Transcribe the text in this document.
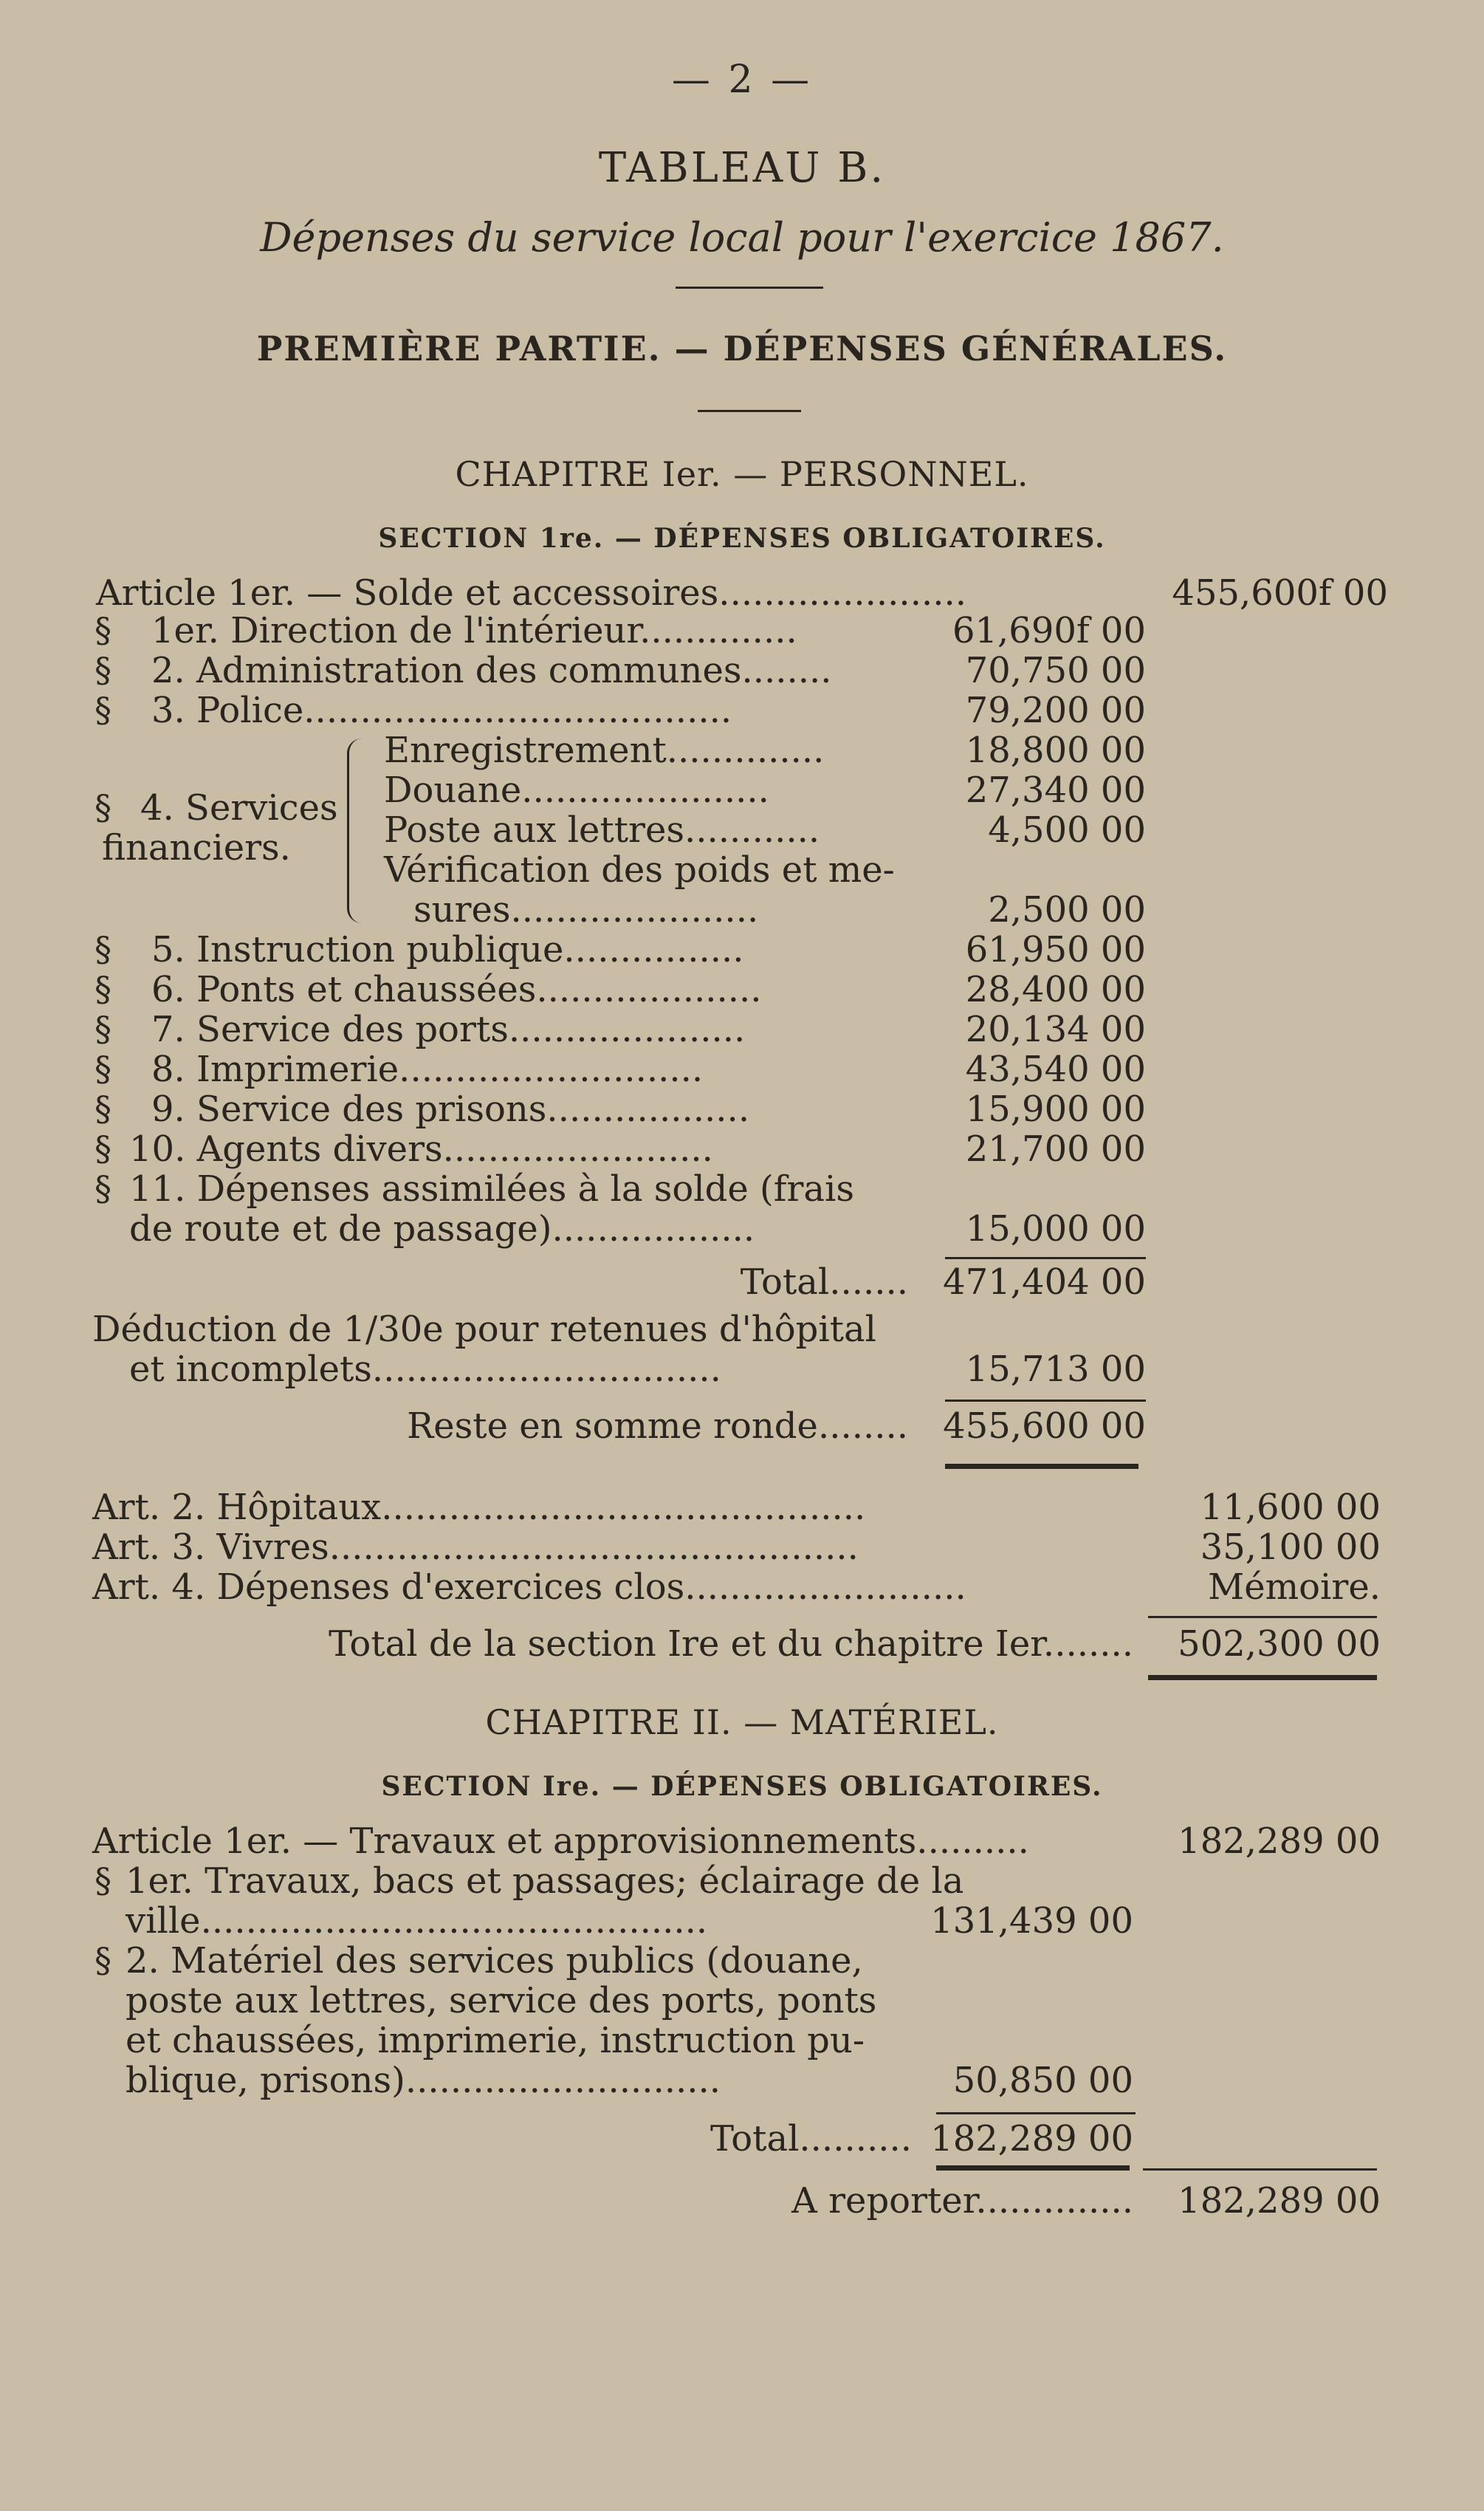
— 2 —
TABLEAU B.
Dépenses du service local pour l'exercice 1867.
PREMIÈRE PARTIE. — DÉPENSES GÉNÉRALES.
CHAPITRE Ier. — PERSONNEL.
SECTION 1re. — DÉPENSES OBLIGATOIRES.
Article 1er. — Solde et accessoires......................	455,600f 00
§ 1er. Direction de l'intérieur..............	61,690f 00
§ 2. Administration des communes........	70,750 00
§ 3. Police......................................	79,200 00
§ 4. Services
financiers.
Enregistrement..............	18,800 00
Douane......................	27,340 00
Poste aux lettres............	4,500 00
Vérification des poids et me-
sures......................	2,500 00
§ 5. Instruction publique................	61,950 00
§ 6. Ponts et chaussées....................	28,400 00
§ 7. Service des ports.....................	20,134 00
§ 8. Imprimerie...........................	43,540 00
§ 9. Service des prisons..................	15,900 00
§ 10. Agents divers........................	21,700 00
§ 11. Dépenses assimilées à la solde (frais
de route et de passage)..................	15,000 00
Total....... 471,404 00
Déduction de 1/30e pour retenues d'hôpital
et incomplets...............................	15,713 00
Reste en somme ronde........ 455,600 00
Art. 2. Hôpitaux...........................................	11,600 00
Art. 3. Vivres...............................................	35,100 00
Art. 4. Dépenses d'exercices clos.........................	Mémoire.
Total de la section Ire et du chapitre Ier........ 502,300 00
CHAPITRE II. — MATÉRIEL.
SECTION Ire. — DÉPENSES OBLIGATOIRES.
Article 1er. — Travaux et approvisionnements..........	182,289 00
§ 1er. Travaux, bacs et passages; éclairage de la
ville.............................................	131,439 00
§ 2. Matériel des services publics (douane,
poste aux lettres, service des ports, ponts
et chaussées, imprimerie, instruction pu-
blique, prisons)............................	50,850 00
Total.......... 182,289 00
A reporter.............. 182,289 00
